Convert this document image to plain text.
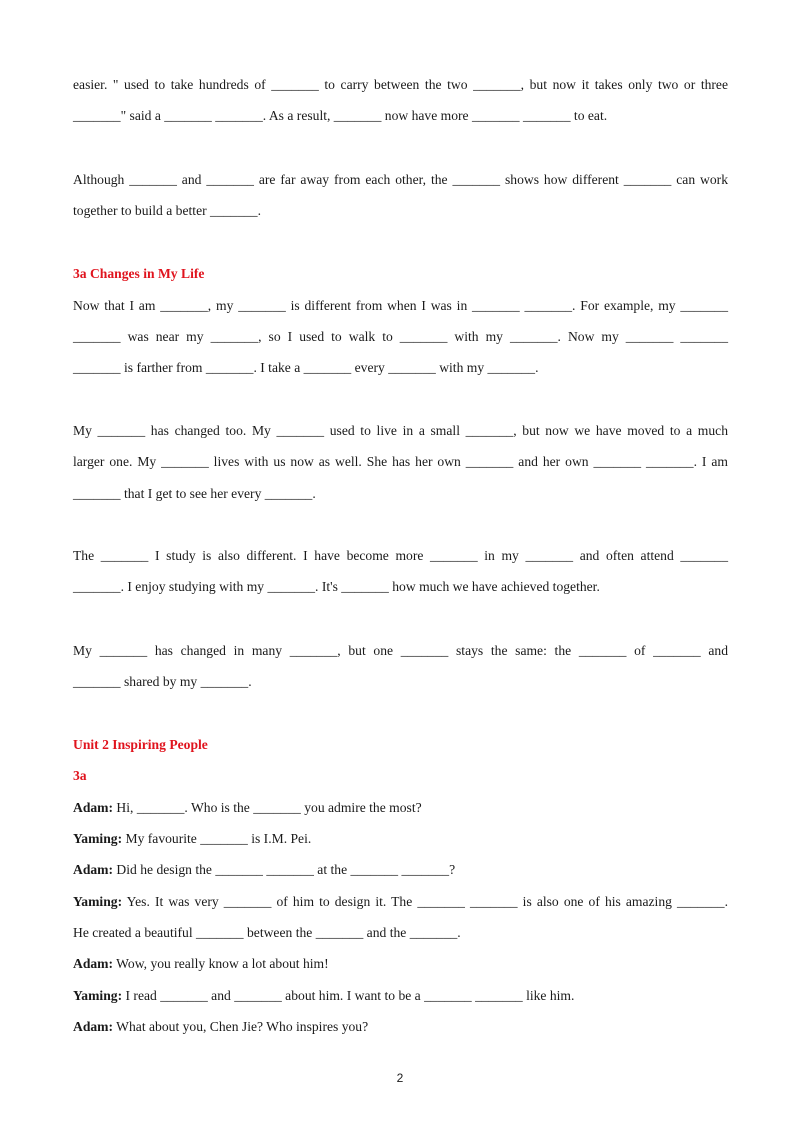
easier. " used to take hundreds of _______ to carry between the two _______, but now it takes only two or three
_______" said a _______ _______. As a result, _______ now have more _______ _______ to eat.
Although _______ and _______ are far away from each other, the _______ shows how different _______ can work
together to build a better _______.
3a Changes in My Life
Now that I am _______, my _______ is different from when I was in _______ _______. For example, my _______
_______ was near my _______, so I used to walk to _______ with my _______. Now my _______ _______
_______ is farther from _______. I take a _______ every _______ with my _______.
My _______ has changed too. My _______ used to live in a small _______, but now we have moved to a much
larger one. My _______ lives with us now as well. She has her own _______ and her own _______ _______. I am
_______ that I get to see her every _______.
The _______ I study is also different. I have become more _______ in my _______ and often attend _______
_______. I enjoy studying with my _______. It's _______ how much we have achieved together.
My _______ has changed in many _______, but one _______ stays the same: the _______ of _______ and
_______ shared by my _______.
Unit 2 Inspiring People
3a
Adam: Hi, _______. Who is the _______ you admire the most?
Yaming: My favourite _______ is I.M. Pei.
Adam: Did he design the _______ _______ at the _______ _______?
Yaming: Yes. It was very _______ of him to design it. The _______ _______ is also one of his amazing _______.
He created a beautiful _______ between the _______ and the _______.
Adam: Wow, you really know a lot about him!
Yaming: I read _______ and _______ about him. I want to be a _______ _______ like him.
Adam: What about you, Chen Jie? Who inspires you?
2
